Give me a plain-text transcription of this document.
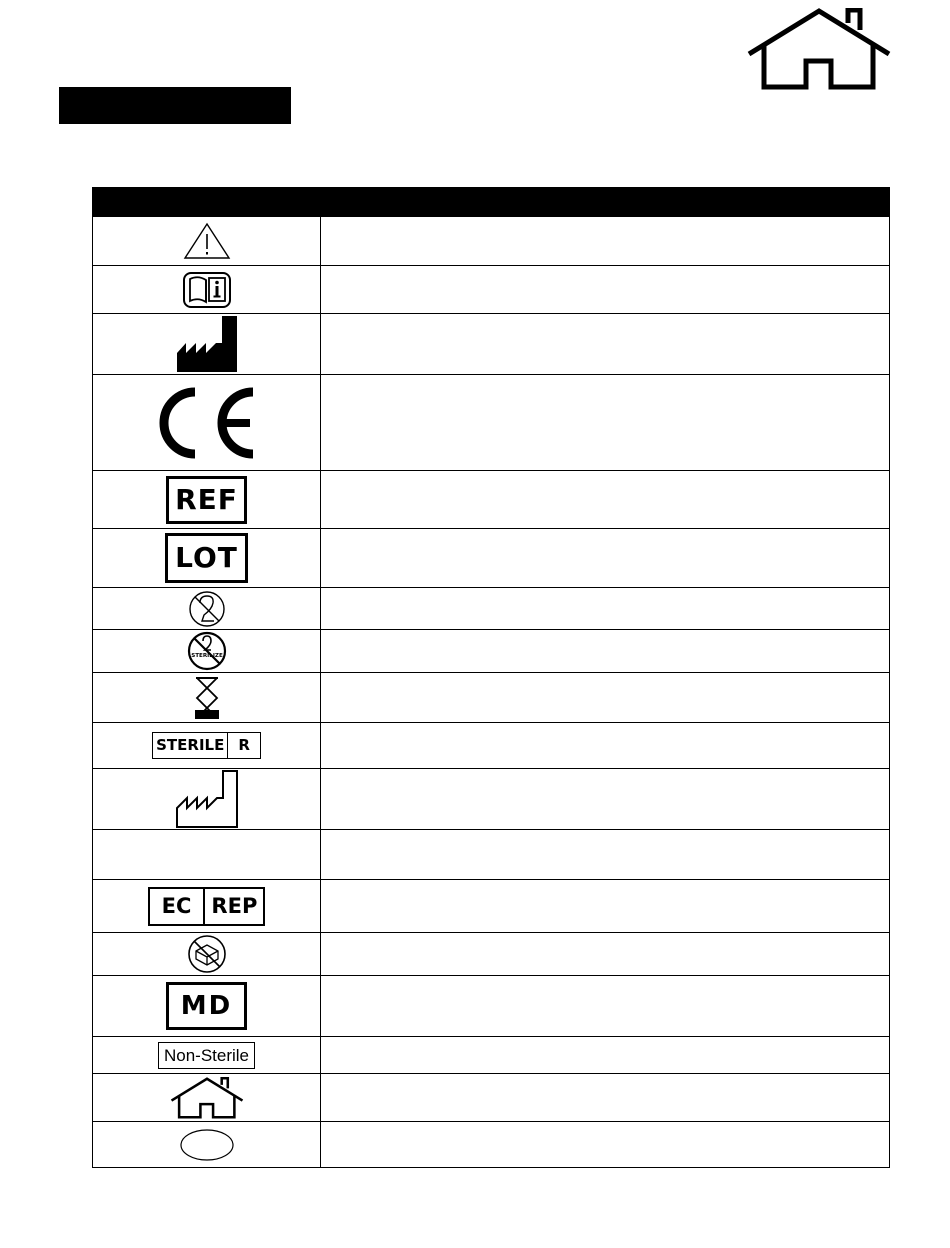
REF	
LOT	

STERILIZE	

STERILE R	

EC REP	

MD	
Non-Sterile	
